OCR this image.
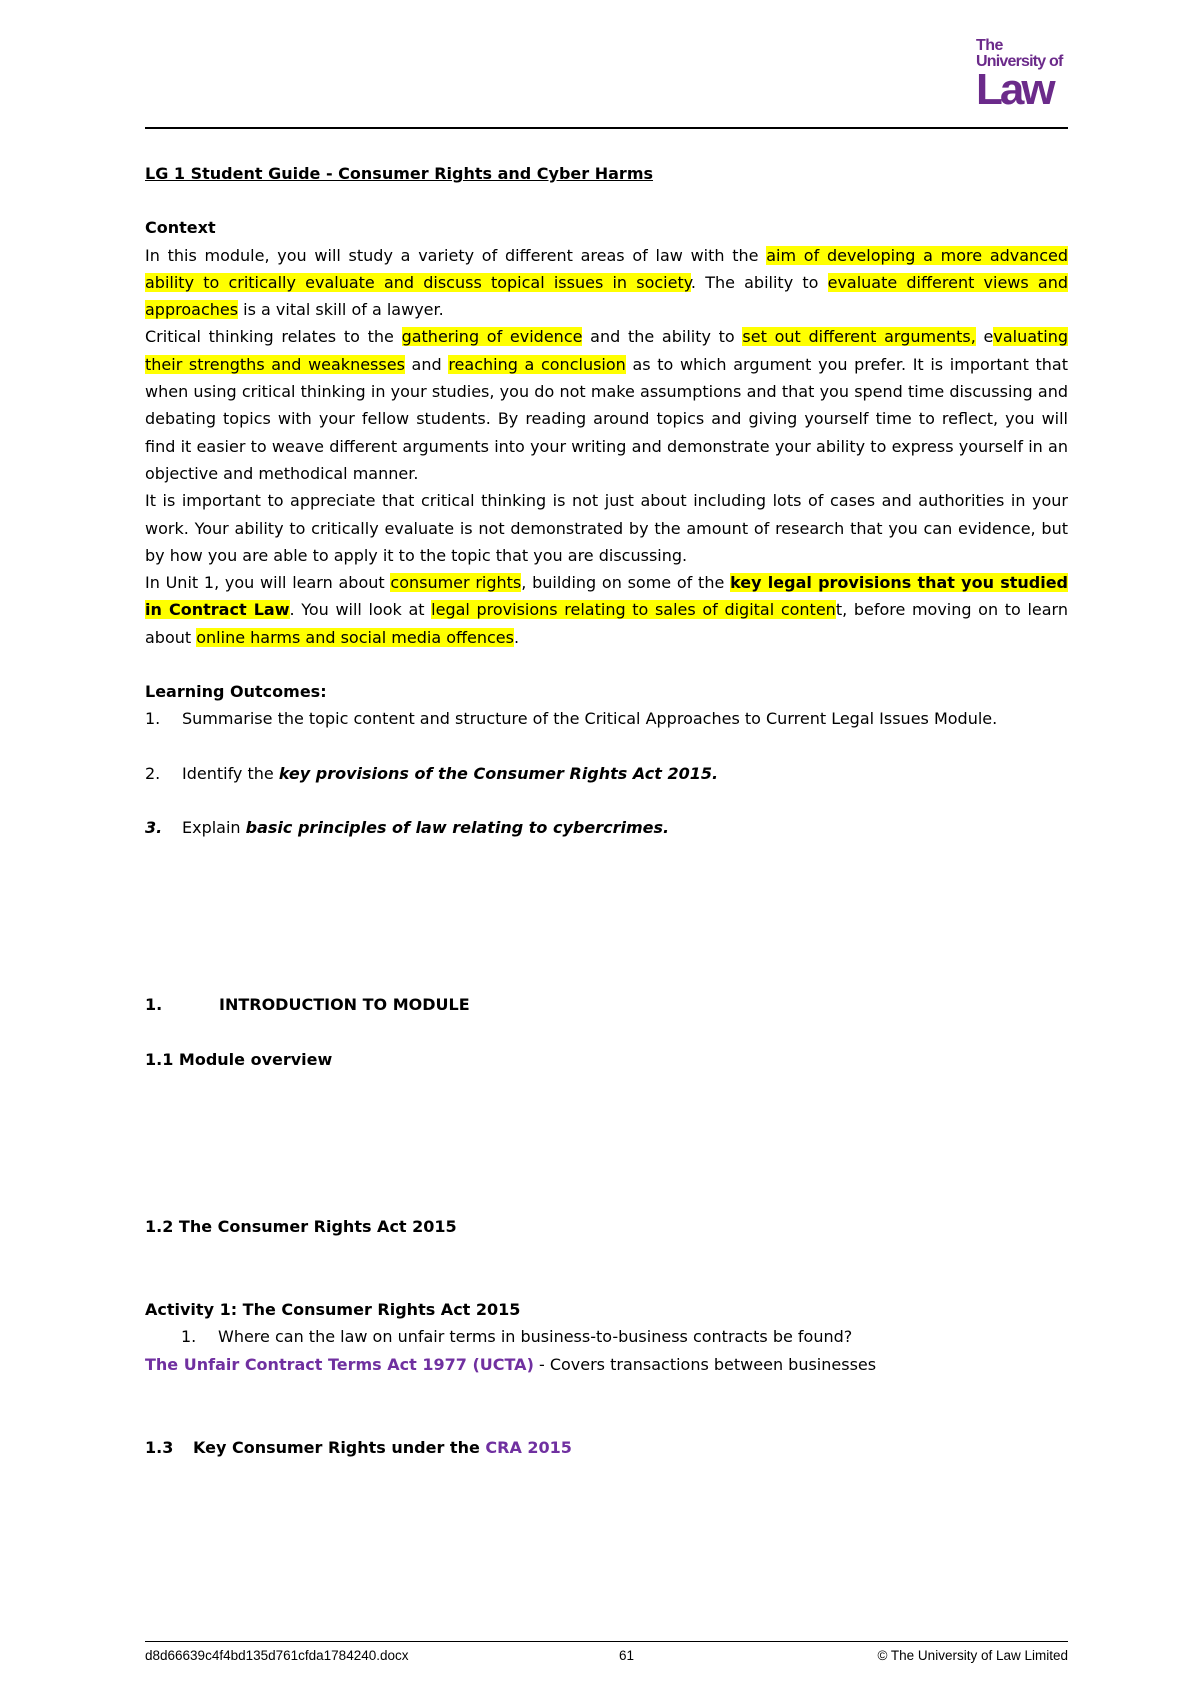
The
University of
Law

LG 1 Student Guide - Consumer Rights and Cyber Harms

Context

In this module, you will study a variety of different areas of law with the aim of developing a more advanced ability to critically evaluate and discuss topical issues in society. The ability to evaluate different views and approaches is a vital skill of a lawyer.

Critical thinking relates to the gathering of evidence and the ability to set out different arguments, evaluating their strengths and weaknesses and reaching a conclusion as to which argument you prefer. It is important that when using critical thinking in your studies, you do not make assumptions and that you spend time discussing and debating topics with your fellow students. By reading around topics and giving yourself time to reflect, you will find it easier to weave different arguments into your writing and demonstrate your ability to express yourself in an objective and methodical manner.

It is important to appreciate that critical thinking is not just about including lots of cases and authorities in your work. Your ability to critically evaluate is not demonstrated by the amount of research that you can evidence, but by how you are able to apply it to the topic that you are discussing.

In Unit 1, you will learn about consumer rights, building on some of the key legal provisions that you studied in Contract Law. You will look at legal provisions relating to sales of digital content, before moving on to learn about online harms and social media offences.

Learning Outcomes:

1.	Summarise the topic content and structure of the Critical Approaches to Current Legal Issues Module.
2.	Identify the key provisions of the Consumer Rights Act 2015.
3.	Explain basic principles of law relating to cybercrimes.
1.	INTRODUCTION TO MODULE

1.1 Module overview

1.2 The Consumer Rights Act 2015

Activity 1: The Consumer Rights Act 2015

1.	Where can the law on unfair terms in business-to-business contracts be found?

The Unfair Contract Terms Act 1977 (UCTA) - Covers transactions between businesses

1.3	Key Consumer Rights under the CRA 2015
d8d66639c4f4bd135d761cfda1784240.docx	61	© The University of Law Limited
